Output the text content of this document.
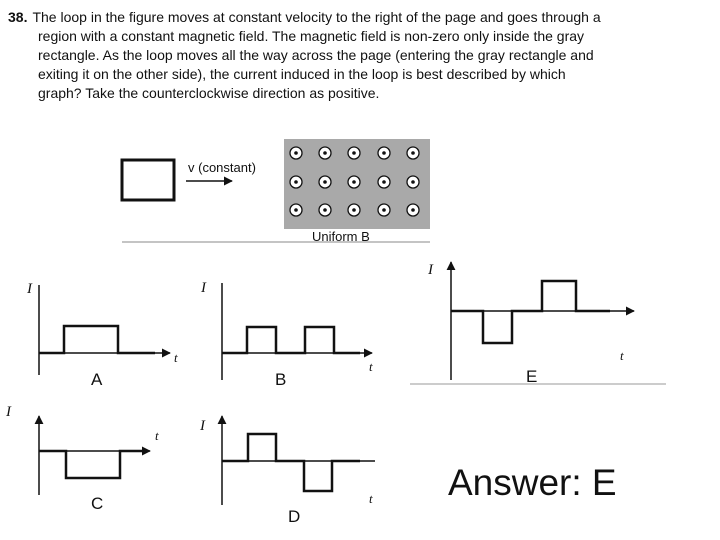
38. The loop in the figure moves at constant velocity to the right of the page and goes through a region with a constant magnetic field. The magnetic field is non-zero only inside the gray rectangle. As the loop moves all the way across the page (entering the gray rectangle and exiting it on the other side), the current induced in the loop is best described by which graph? Take the counterclockwise direction as positive.
v (constant)
Uniform B
I
t
A
I
t
B
I
t
E
I
t
C
I
t
D
Answer: E
